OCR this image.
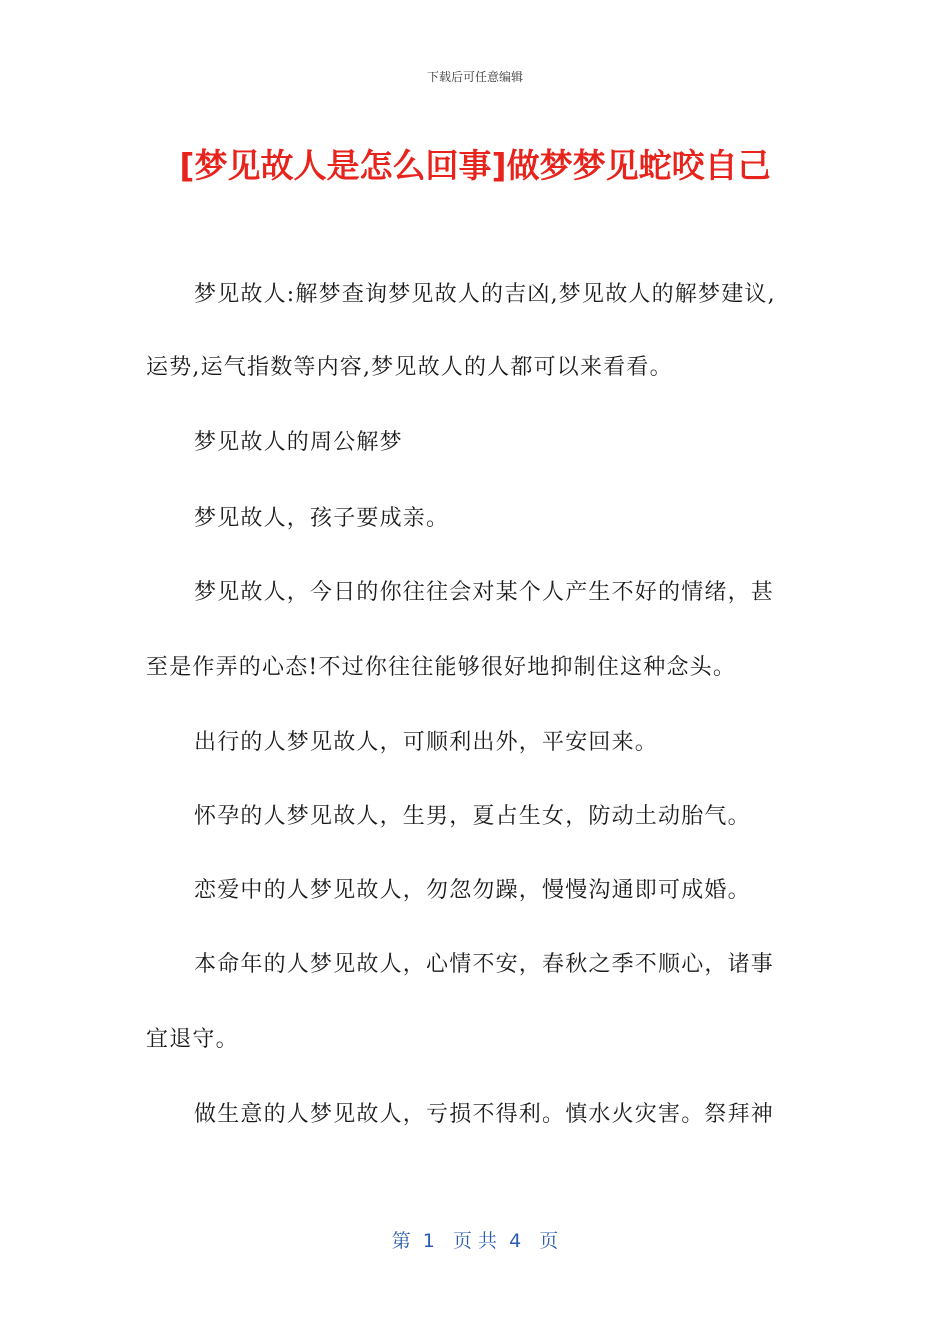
下载后可任意编辑
[梦见故人是怎么回事]做梦梦见蛇咬自己
梦见故人:解梦查询梦见故人的吉凶,梦见故人的解梦建议,
运势,运气指数等内容,梦见故人的人都可以来看看。
梦见故人的周公解梦
梦见故人，孩子要成亲。
梦见故人，今日的你往往会对某个人产生不好的情绪，甚
至是作弄的心态!不过你往往能够很好地抑制住这种念头。
出行的人梦见故人，可顺利出外，平安回来。
怀孕的人梦见故人，生男，夏占生女，防动土动胎气。
恋爱中的人梦见故人，勿忽勿躁，慢慢沟通即可成婚。
本命年的人梦见故人，心情不安，春秋之季不顺心，诸事
宜退守。
做生意的人梦见故人，亏损不得利。慎水火灾害。祭拜神
第  1   页 共  4   页
